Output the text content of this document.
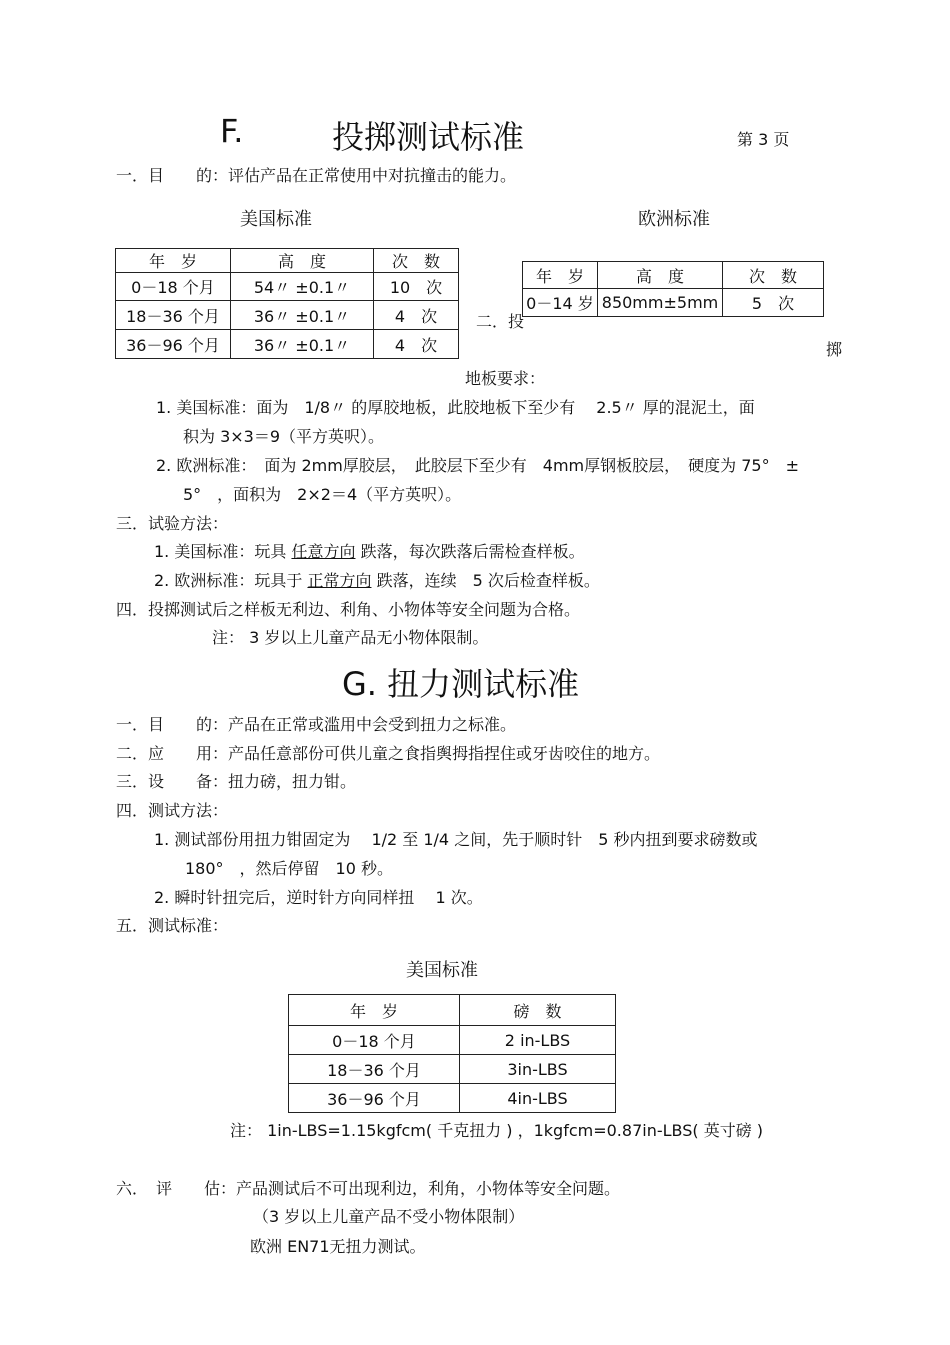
F.	投掷测试标准	第 3 页
一．目　　的：评估产品在正常使用中对抗撞击的能力。
美国标准	欧洲标准
年　岁	高　度	次　数
0－18 个月	54〃 ±0.1〃	10　次
18－36 个月	36〃 ±0.1〃	4　次
36－96 个月	36〃 ±0.1〃	4　次
年　岁	高　度	次　数
0－14 岁	850mm±5mm	5　次
二．投
掷
地板要求：
1. 美国标准：面为　1/8〃 的厚胶地板，此胶地板下至少有　 2.5〃 厚的混泥土，面
积为 3×3＝9（平方英呎）。
2. 欧洲标准：　面为 2mm厚胶层，　此胶层下至少有　4mm厚钢板胶层，　硬度为 75°　±
5°　，面积为　2×2＝4（平方英呎）。
三．试验方法：
1. 美国标准：玩具 任意方向 跌落，每次跌落后需检查样板。
2. 欧洲标准：玩具于 正常方向 跌落，连续　5 次后检查样板。
四．投掷测试后之样板无利边、利角、小物体等安全问题为合格。
注： 3 岁以上儿童产品无小物体限制。
G. 扭力测试标准
一．目　　的：产品在正常或滥用中会受到扭力之标准。
二．应　　用：产品任意部份可供儿童之食指舆拇指捏住或牙齿咬住的地方。
三．设　　备：扭力磅，扭力钳。
四．测试方法：
1. 测试部份用扭力钳固定为　 1/2 至 1/4 之间，先于顺时针　5 秒内扭到要求磅数或
180°　，然后停留　10 秒。
2. 瞬时针扭完后，逆时针方向同样扭　 1 次。
五．测试标准：
美国标准
年　岁	磅　数
0－18 个月	2 in-LBS
18－36 个月	3in-LBS
36－96 个月	4in-LBS
注： 1in-LBS=1.15kgfcm( 千克扭力 ) ，1kgfcm=0.87in-LBS( 英寸磅 )
六．　评　　估：产品测试后不可出现利边，利角，小物体等安全问题。
（3 岁以上儿童产品不受小物体限制）
欧洲 EN71无扭力测试。
